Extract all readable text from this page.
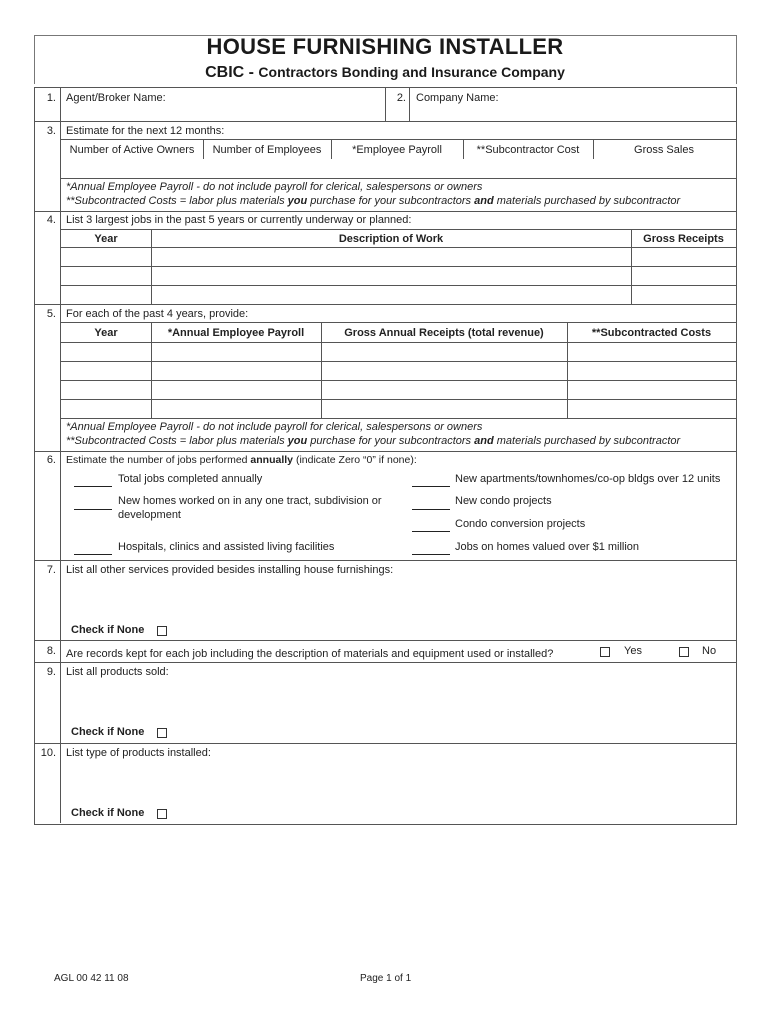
HOUSE FURNISHING INSTALLER
CBIC - Contractors Bonding and Insurance Company
1. Agent/Broker Name:	2. Company Name:
3. Estimate for the next 12 months:
Number of Active Owners	Number of Employees	*Employee Payroll	**Subcontractor Cost	Gross Sales
*Annual Employee Payroll - do not include payroll for clerical, salespersons or owners
**Subcontracted Costs = labor plus materials you purchase for your subcontractors and materials purchased by subcontractor
4. List 3 largest jobs in the past 5 years or currently underway or planned:
Year	Description of Work	Gross Receipts
5. For each of the past 4 years, provide:
Year	*Annual Employee Payroll	Gross Annual Receipts (total revenue)	**Subcontracted Costs
*Annual Employee Payroll - do not include payroll for clerical, salespersons or owners
**Subcontracted Costs = labor plus materials you purchase for your subcontractors and materials purchased by subcontractor
6. Estimate the number of jobs performed annually (indicate Zero “0” if none):
Total jobs completed annually
New homes worked on in any one tract, subdivision or
development
Hospitals, clinics and assisted living facilities
New apartments/townhomes/co-op bldgs over 12 units
New condo projects
Condo conversion projects
Jobs on homes valued over $1 million
7. List all other services provided besides installing house furnishings:
Check if None
8. Are records kept for each job including the description of materials and equipment used or installed?	Yes	No
9. List all products sold:
Check if None
10. List type of products installed:
Check if None
AGL 00 42 11 08	Page 1 of 1
